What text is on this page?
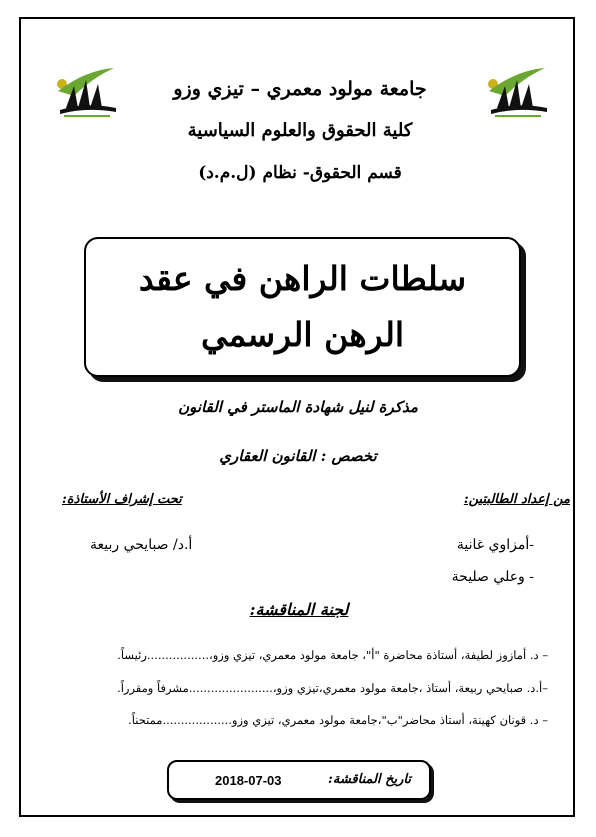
جامعة مولود معمري – تيزي وزو
كلية الحقوق والعلوم السياسية
قسم الحقوق- نظام (ل.م.د)
سلطات الراهن في عقد الرهن الرسمي
مذكرة لنيل شهادة الماستر في القانون
تخصص : القانون العقاري
من إعداد الطالبتين:
تحت إشراف الأستاذة:
-أمزاوي غانية
- وعلي صليحة
أ.د/ صبايحي ربيعة
لجنة المناقشة:
– د. أمازوز لطيفة، أستاذة محاضرة "أ"، جامعة مولود معمري، تيزي وزو،.................رئيساً.
–أ.د. صبايحي ربيعة، أستاذ ،جامعة مولود معمري،تيزي وزو،.......................مشرفاً ومقرراً.
– د. قونان كهينة، أستاذ محاضر"ب"،جامعة مولود معمري، تيزي وزو...................ممتحناً.
تاريخ المناقشة:
2018-07-03
